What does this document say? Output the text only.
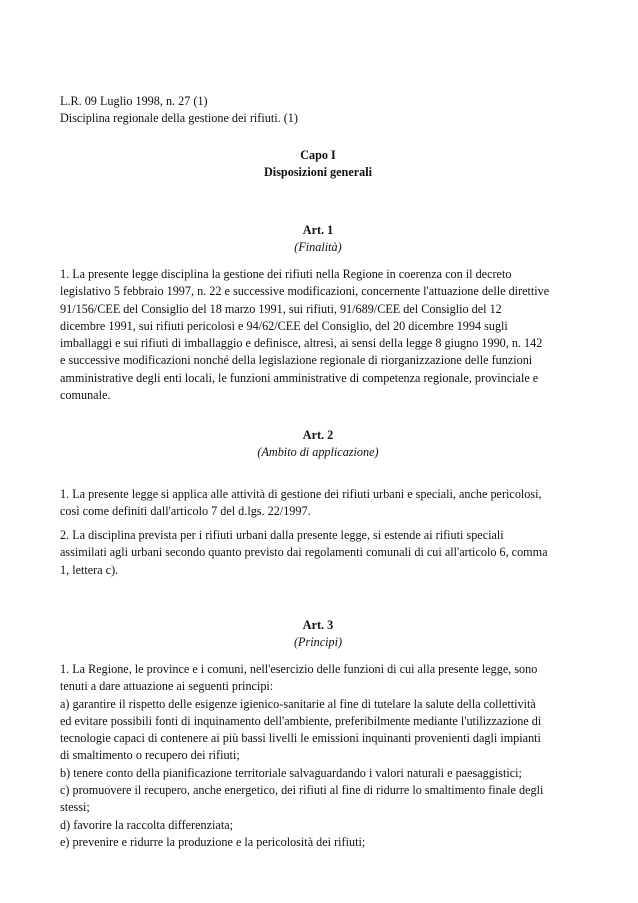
L.R. 09 Luglio 1998, n. 27 (1)
Disciplina regionale della gestione dei rifiuti. (1)
Capo I
Disposizioni generali
Art. 1
(Finalità)
1. La presente legge disciplina la gestione dei rifiuti nella Regione in coerenza con il decreto
legislativo 5 febbraio 1997, n. 22 e successive modificazioni, concernente l'attuazione delle direttive
91/156/CEE del Consiglio del 18 marzo 1991, sui rifiuti, 91/689/CEE del Consiglio del 12
dicembre 1991, sui rifiuti pericolosi e 94/62/CEE del Consiglio, del 20 dicembre 1994 sugli
imballaggi e sui rifiuti di imballaggio e definisce, altresì, ai sensi della legge 8 giugno 1990, n. 142
e successive modificazioni nonché della legislazione regionale di riorganizzazione delle funzioni
amministrative degli enti locali, le funzioni amministrative di competenza regionale, provinciale e
comunale.
Art. 2
(Ambito di applicazione)
1. La presente legge si applica alle attività di gestione dei rifiuti urbani e speciali, anche pericolosi,
così come definiti dall'articolo 7 del d.lgs. 22/1997.
2. La disciplina prevista per i rifiuti urbani dalla presente legge, si estende ai rifiuti speciali
assimilati agli urbani secondo quanto previsto dai regolamenti comunali di cui all'articolo 6, comma
1, lettera c).
Art. 3
(Principi)
1. La Regione, le province e i comuni, nell'esercizio delle funzioni di cui alla presente legge, sono
tenuti a dare attuazione ai seguenti principi:
a) garantire il rispetto delle esigenze igienico-sanitarie al fine di tutelare la salute della collettività
ed evitare possibili fonti di inquinamento dell'ambiente, preferibilmente mediante l'utilizzazione di
tecnologie capaci di contenere ai più bassi livelli le emissioni inquinanti provenienti dagli impianti
di smaltimento o recupero dei rifiuti;
b) tenere conto della pianificazione territoriale salvaguardando i valori naturali e paesaggistici;
c) promuovere il recupero, anche energetico, dei rifiuti al fine di ridurre lo smaltimento finale degli
stessi;
d) favorire la raccolta differenziata;
e) prevenire e ridurre la produzione e la pericolosità dei rifiuti;
